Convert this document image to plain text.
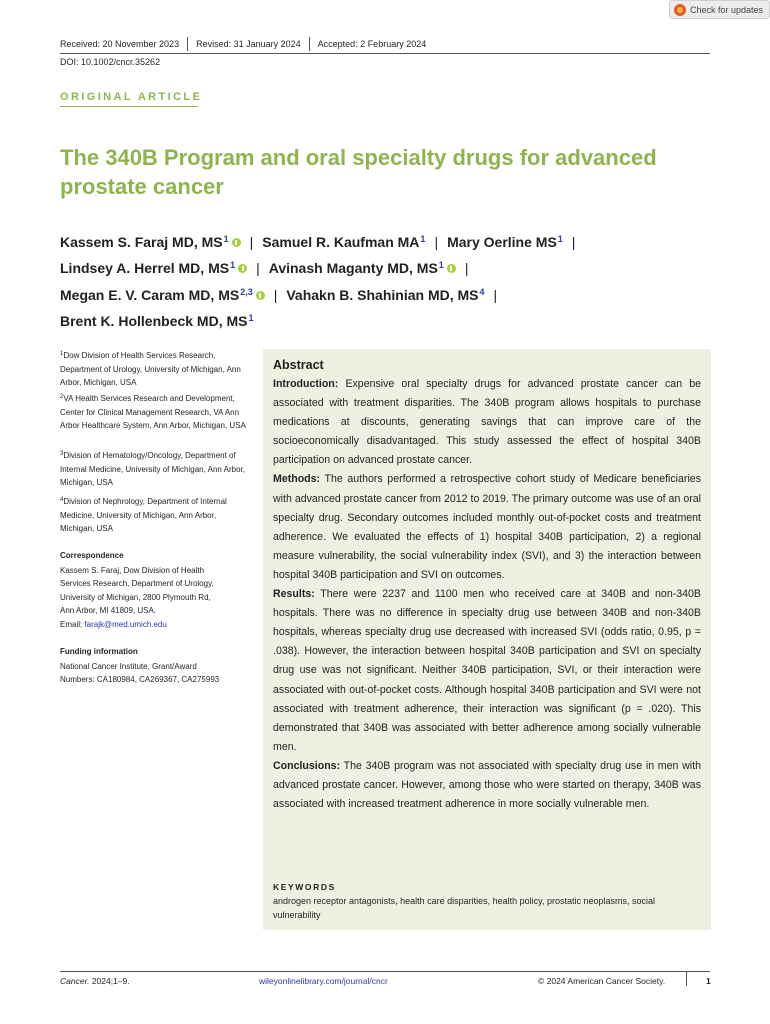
Check for updates
Received: 20 November 2023 Revised: 31 January 2024 Accepted: 2 February 2024
DOI: 10.1002/cncr.35262
ORIGINAL ARTICLE
The 340B Program and oral specialty drugs for advanced prostate cancer
Kassem S. Faraj MD, $MS^1$ | Samuel R. Kaufman $MA^1$ | Mary Oerline $MS^1$ |
Lindsey A. Herrel MD, $MS^1$ | Avinash Maganty MD, $MS^1$ |
Megan E. V. Caram MD, MS$^{2,3}$ | Vahakn B. Shahinian MD, $MS^4$ |
Brent K. Hollenbeck MD, $MS^1$
$^1$Dow Division of Health Services Research, Department of Urology, University of Michigan, Ann Arbor, Michigan, USA
$^2$VA Health Services Research and Development, Center for Clinical Management Research, VA Ann Arbor Healthcare System, Ann Arbor, Michigan, USA
$^3$Division of Hematology/Oncology, Department of Internal Medicine, University of Michigan, Ann Arbor, Michigan, USA
$^4$Division of Nephrology, Department of Internal Medicine, University of Michigan, Ann Arbor, Michigan, USA
Correspondence
Kassem S. Faraj, Dow Division of Health
Services Research, Department of Urology,
University of Michigan, 2800 Plymouth Rd,
Ann Arbor, MI 41809, USA.
Email: farajk@med.umich.edu
Funding information
National Cancer Institute, Grant/Award
Numbers: CA180984, CA269367, CA275993
Abstract

Introduction: Expensive oral specialty drugs for advanced prostate cancer can be associated with treatment disparities. The 340B program allows hospitals to purchase medications at discounts, generating savings that can improve care of the socioeconomically disadvantaged. This study assessed the effect of hospital 340B participation on advanced prostate cancer.

Methods: The authors performed a retrospective cohort study of Medicare beneficiaries with advanced prostate cancer from 2012 to 2019. The primary outcome was use of an oral specialty drug. Secondary outcomes included monthly out-of-pocket costs and treatment adherence. We evaluated the effects of 1) hospital 340B participation, 2) a regional measure vulnerability, the social vulnerability index (SVI), and 3) the interaction between hospital 340B participation and SVI on outcomes.

Results: There were 2237 and 1100 men who received care at 340B and non-340B hospitals. There was no difference in specialty drug use between 340B and non-340B hospitals, whereas specialty drug use decreased with increased SVI (odds ratio, 0.95, p = .038). However, the interaction between hospital 340B participation and SVI on specialty drug use was not significant. Neither 340B participation, SVI, or their interaction were associated with out-of-pocket costs. Although hospital 340B participation and SVI were not associated with treatment adherence, their interaction was significant (p = .020). This demonstrated that 340B was associated with better adherence among socially vulnerable men.

Conclusions: The 340B program was not associated with specialty drug use in men with advanced prostate cancer. However, among those who were started on therapy, 340B was associated with increased treatment adherence in more socially vulnerable men.

KEYWORDS
androgen receptor antagonists, health care disparities, health policy, prostatic neoplasms, social vulnerability
Cancer. 2024;1–9.	wileyonlinelibrary.com/journal/cncr	© 2024 American Cancer Society.	1
